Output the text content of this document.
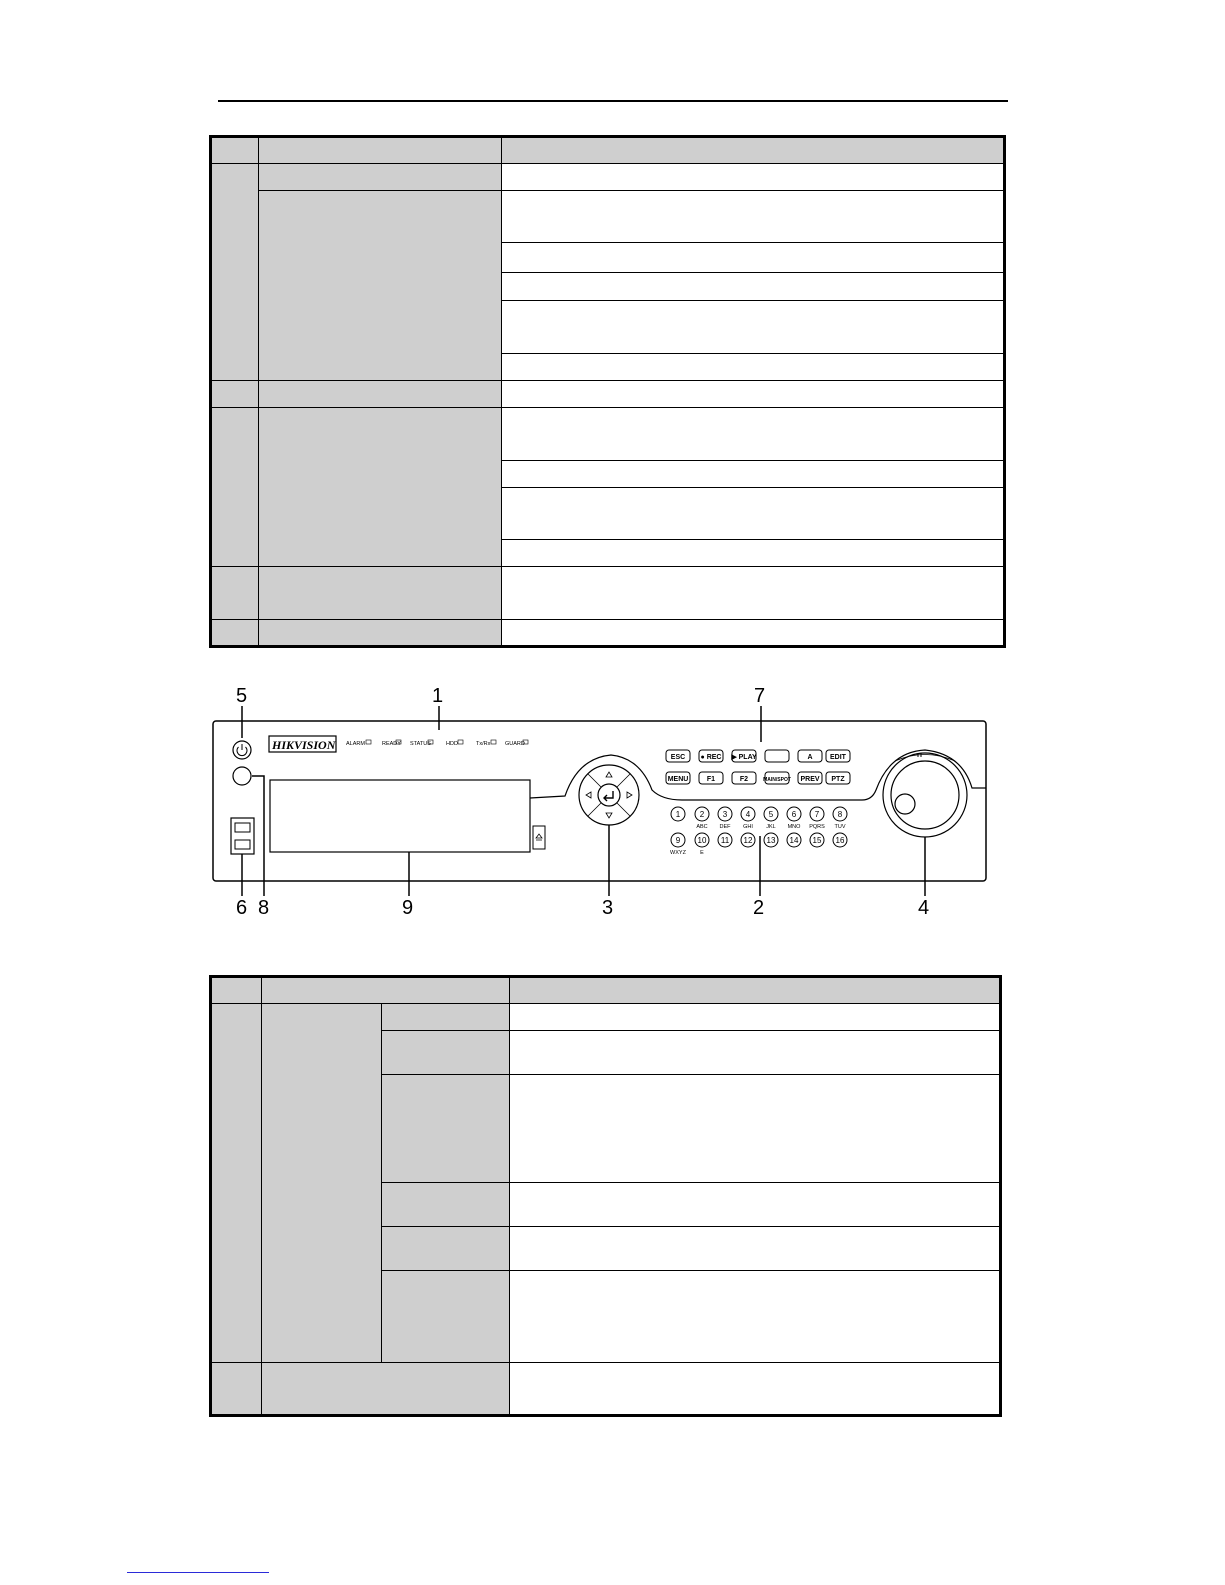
5	1	7
6 8	9	3	2	4
HIKVISION ALARM	READY STATUS	HDD	Tx/Rx	GUARD
ESC ● REC ▶ PLAY	A EDIT
MENU	F1	F2	MAIN/SPOT PREV PTZ
1 2 3 4 5 6 7 8
9 10 11 12 13 14 15 16
ABC DEF GHI JKL MNO PQRS TUV
WXYZ	E
